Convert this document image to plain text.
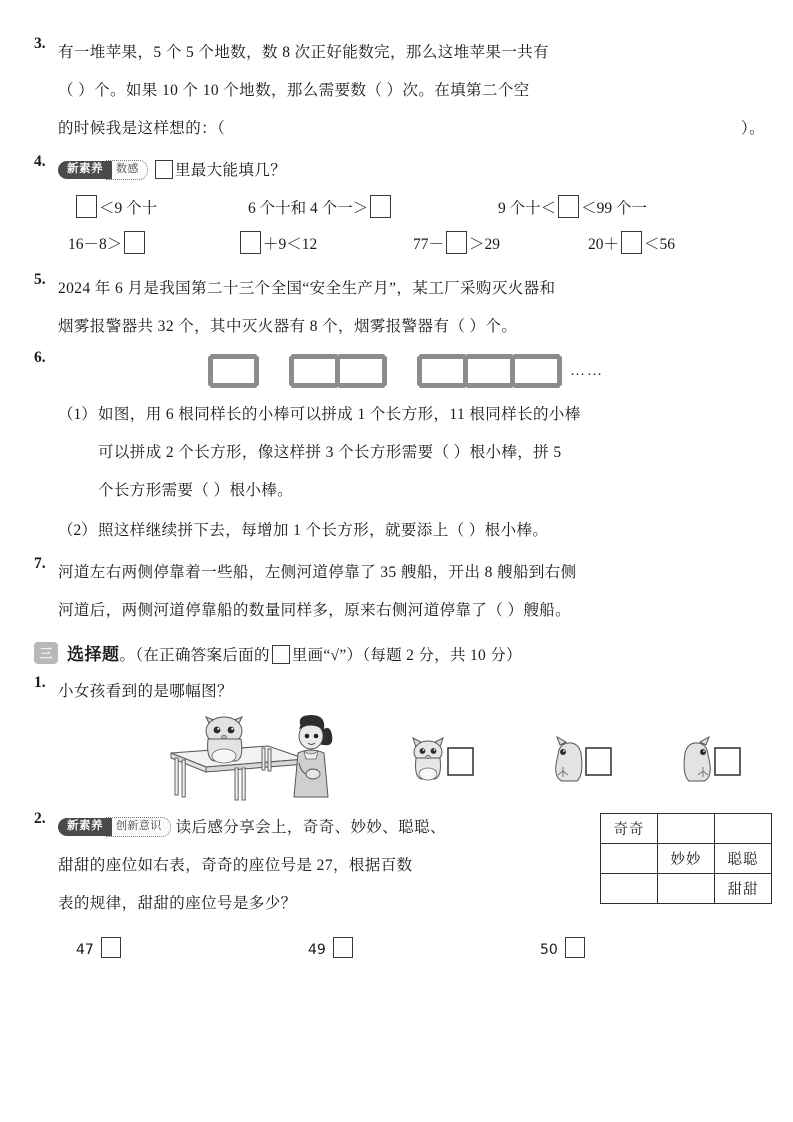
3.
有一堆苹果，5 个 5 个地数，数 8 次正好能数完，那么这堆苹果一共有
（ ）个。如果 10 个 10 个地数，那么需要数（ ）次。在填第二个空
的时候我是这样想的：（	）。
4.	新素养	数感	里最大能填几？
＜9 个十	6 个十和 4 个一＞	9 个十＜ ＜99 个一
16－8＞	＋9＜12	77－ ＞29	20＋ ＜56
5.
2024 年 6 月是我国第二十三个全国“安全生产月”，某工厂采购灭火器和
烟雾报警器共 32 个，其中灭火器有 8 个，烟雾报警器有（ ）个。
6.
……
（1） 如图，用 6 根同样长的小棒可以拼成 1 个长方形，11 根同样长的小棒
可以拼成 2 个长方形，像这样拼 3 个长方形需要（ ）根小棒，拼 5
个长方形需要（ ）根小棒。
（2） 照这样继续拼下去，每增加 1 个长方形，就要添上（ ）根小棒。
7.
河道左右两侧停靠着一些船，左侧河道停靠了 35 艘船，开出 8 艘船到右侧
河道后，两侧河道停靠船的数量同样多，原来右侧河道停靠了（ ）艘船。
三 选择题。（在正确答案后面的 里画“√”）（每题 2 分，共 10 分）
1.
小女孩看到的是哪幅图？
2.	新素养	创新意识 读后感分享会上，奇奇、妙妙、聪聪、
甜甜的座位如右表，奇奇的座位号是 27，根据百数
表的规律，甜甜的座位号是多少？
奇奇		
	妙妙	聪聪
		甜甜
47	49	50
